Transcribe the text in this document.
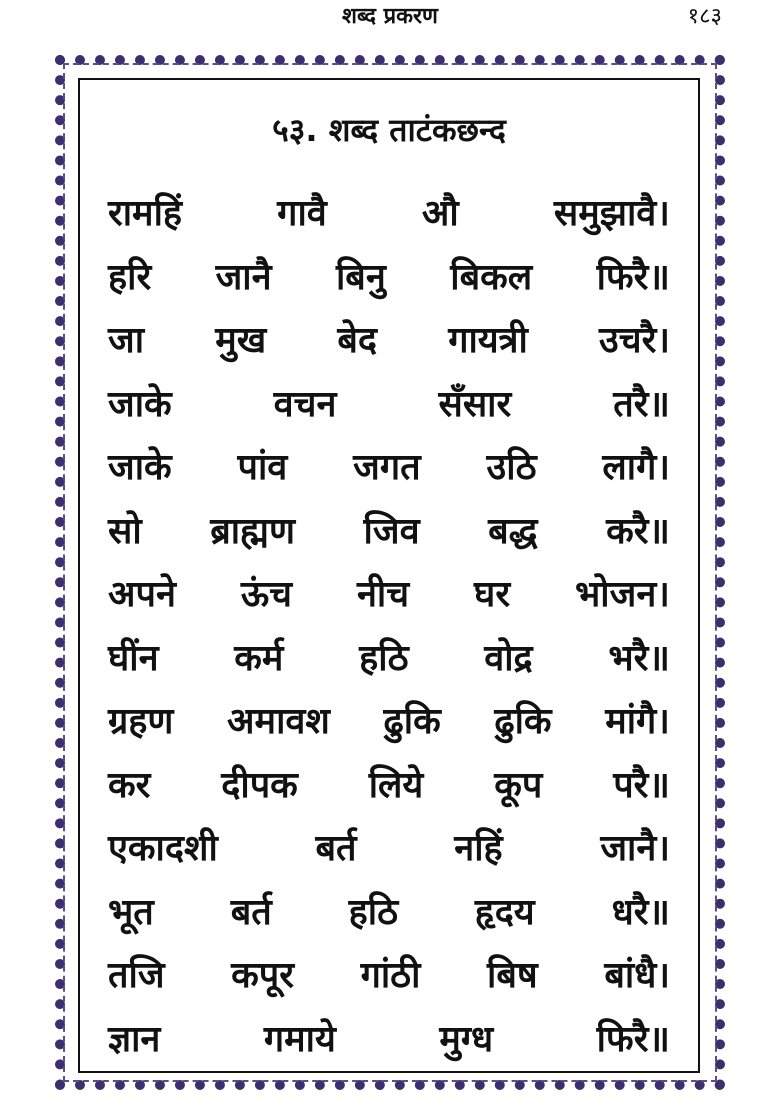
शब्द प्रकरण	१८३
५३. शब्द ताटंकछन्द
रामहिं	गावै	औ	समुझावै।
हरि जानै बिनु बिकल फिरै॥
जा मुख बेद गायत्री उचरै।
जाके	वचन	सँसार	तरै॥
जाके पांव जगत उठि लागै।
सो ब्राह्मण जिव बद्ध करै॥
अपने ऊंच नीच घर भोजन।
घींन कर्म हठि वोद्र भरै॥
ग्रहण अमावश ढुकि ढुकि मांगै।
कर दीपक लिये कूप परै॥
एकादशी	बर्त	नहिं	जानै।
भूत बर्त हठि हृदय धरै॥
तजि कपूर गांठी बिष बांधै।
ज्ञान	गमाये	मुग्ध	फिरै॥
